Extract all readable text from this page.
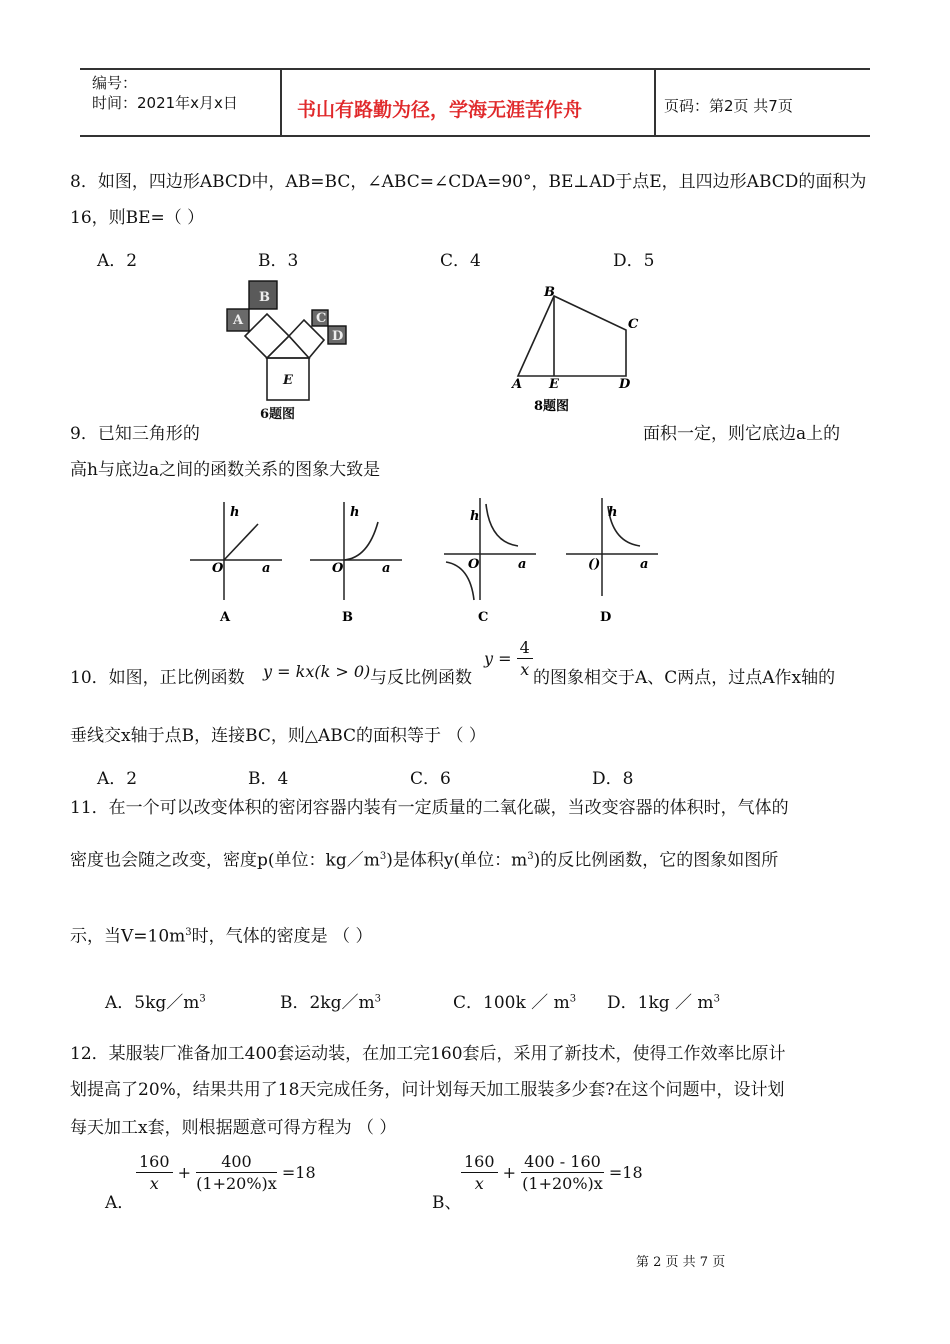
编号：
时间：2021年x月x日	书山有路勤为径，学海无涯苦作舟	页码：第2页 共7页
8．如图，四边形ABCD中，AB=BC，∠ABC=∠CDA=90°，BE⊥AD于点E，且四边形ABCD的面积为
16，则BE=（ ）
A．2	B．3	C．4	D．5
B
A	C
D
E
6题图
B
C
A E	D
8题图
9．已知三角形的	面积一定，则它底边a上的
高h与底边a之间的函数关系的图象大致是
h
O	a
A
h
O	a
B
h
O	a
C
h
()	a
D
10．如图，正比例函数 y = kx(k > 0) 与反比例函数
$y = \frac{4}{x}$ 的图象相交于A、C两点，过点A作x轴的
垂线交x轴于点B，连接BC，则△ABC的面积等于 （ ）
A．2	B．4	C．6	D．8
11．在一个可以改变体积的密闭容器内装有一定质量的二氧化碳，当改变容器的体积时，气体的
密度也会随之改变，密度p(单位：$kg/m^3$)是体积y(单位：$m^3$)的反比例函数，它的图象如图所
示，当$V=10m^3$时，气体的密度是 （ ）
A．$5kg/m^3$	B．$2kg/m^3$	C．100k ／ $m^3$ D．1kg ／ $m^3$
12．某服装厂准备加工400套运动装，在加工完160套后，采用了新技术，使得工作效率比原计
划提高了20%，结果共用了18天完成任务，问计划每天加工服装多少套?在这个问题中，设计划
每天加工x套，则根据题意可得方程为 （ ）
A．
$\frac{160}{x} + \frac{400}{(1+20\%)x} =18$
B、
$\frac{160}{x} + \frac{400 - 160}{(1+20\%)x} =18$
第 2 页 共 7 页
